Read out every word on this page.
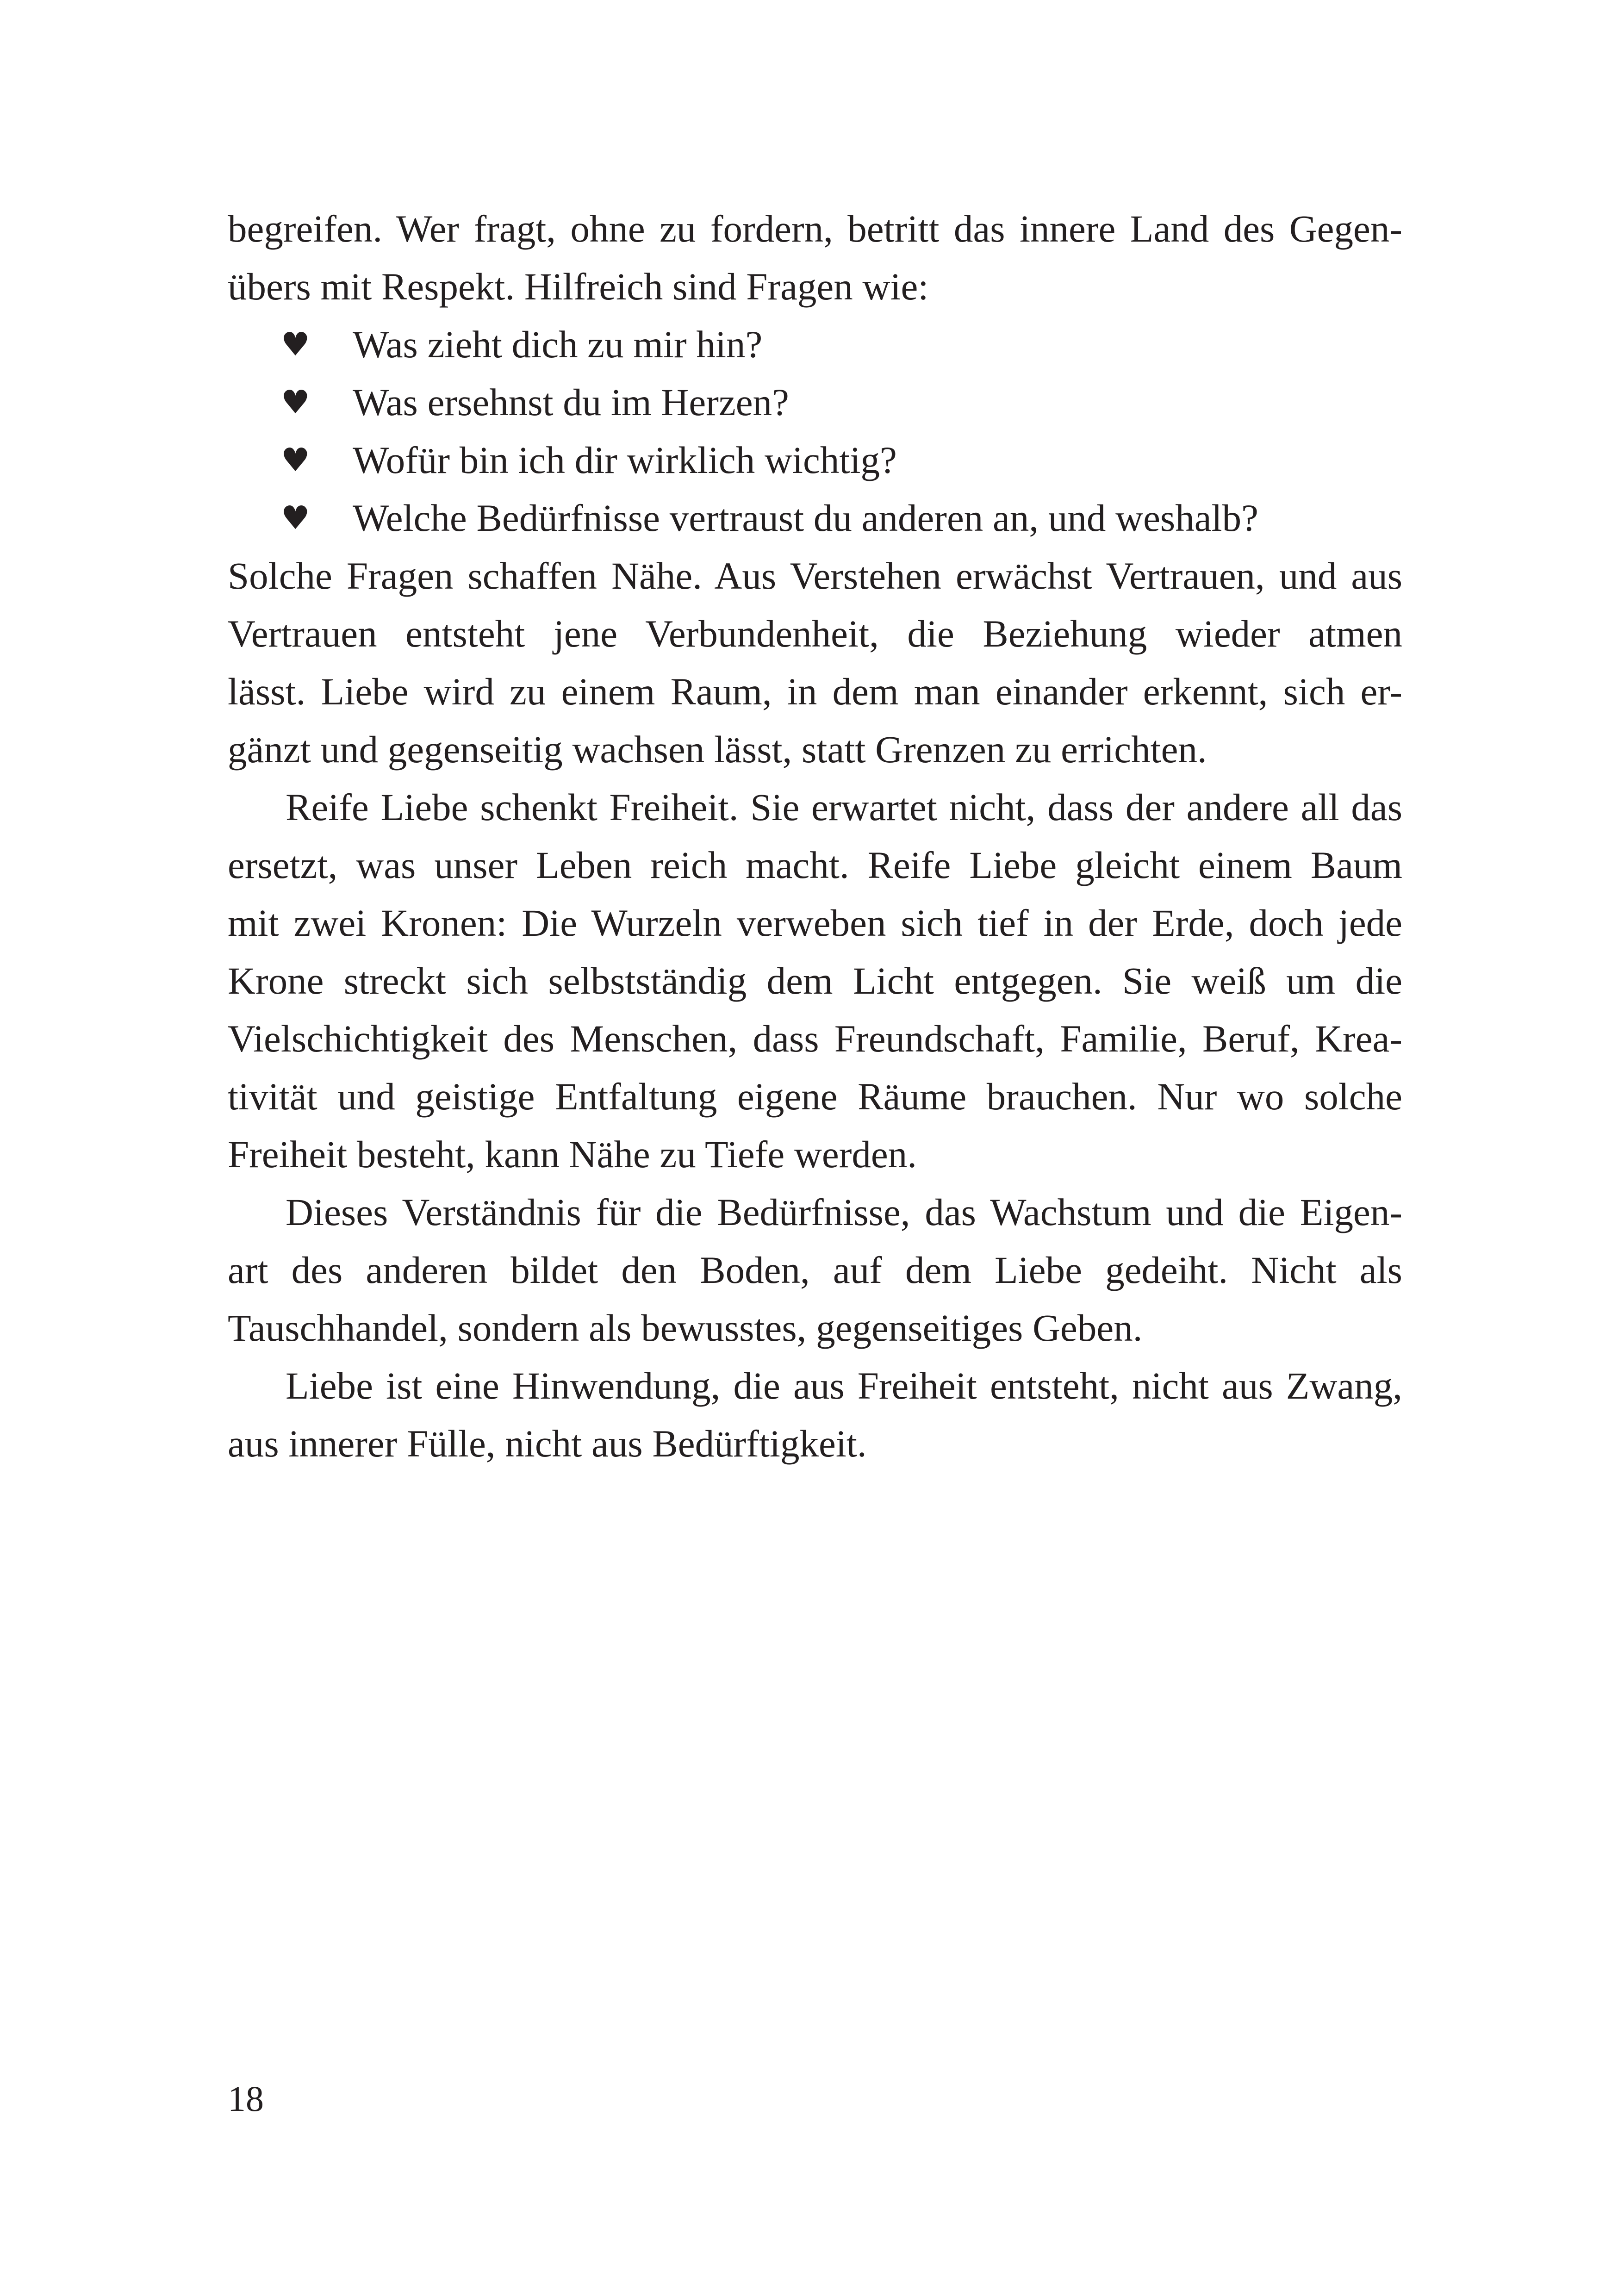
begreifen. Wer fragt, ohne zu fordern, betritt das innere Land des Gegen-
übers mit Respekt. Hilfreich sind Fragen wie:
♥ Was zieht dich zu mir hin?
♥ Was ersehnst du im Herzen?
♥ Wofür bin ich dir wirklich wichtig?
♥ Welche Bedürfnisse vertraust du anderen an, und weshalb?
Solche Fragen schaffen Nähe. Aus Verstehen erwächst Vertrauen, und aus
Vertrauen entsteht jene Verbundenheit, die Beziehung wieder atmen
lässt. Liebe wird zu einem Raum, in dem man einander erkennt, sich er-
gänzt und gegenseitig wachsen lässt, statt Grenzen zu errichten.
Reife Liebe schenkt Freiheit. Sie erwartet nicht, dass der andere all das
ersetzt, was unser Leben reich macht. Reife Liebe gleicht einem Baum
mit zwei Kronen: Die Wurzeln verweben sich tief in der Erde, doch jede
Krone streckt sich selbstständig dem Licht entgegen. Sie weiß um die
Vielschichtigkeit des Menschen, dass Freundschaft, Familie, Beruf, Krea-
tivität und geistige Entfaltung eigene Räume brauchen. Nur wo solche
Freiheit besteht, kann Nähe zu Tiefe werden.
Dieses Verständnis für die Bedürfnisse, das Wachstum und die Eigen-
art des anderen bildet den Boden, auf dem Liebe gedeiht. Nicht als
Tauschhandel, sondern als bewusstes, gegenseitiges Geben.
Liebe ist eine Hinwendung, die aus Freiheit entsteht, nicht aus Zwang,
aus innerer Fülle, nicht aus Bedürftigkeit.
18
